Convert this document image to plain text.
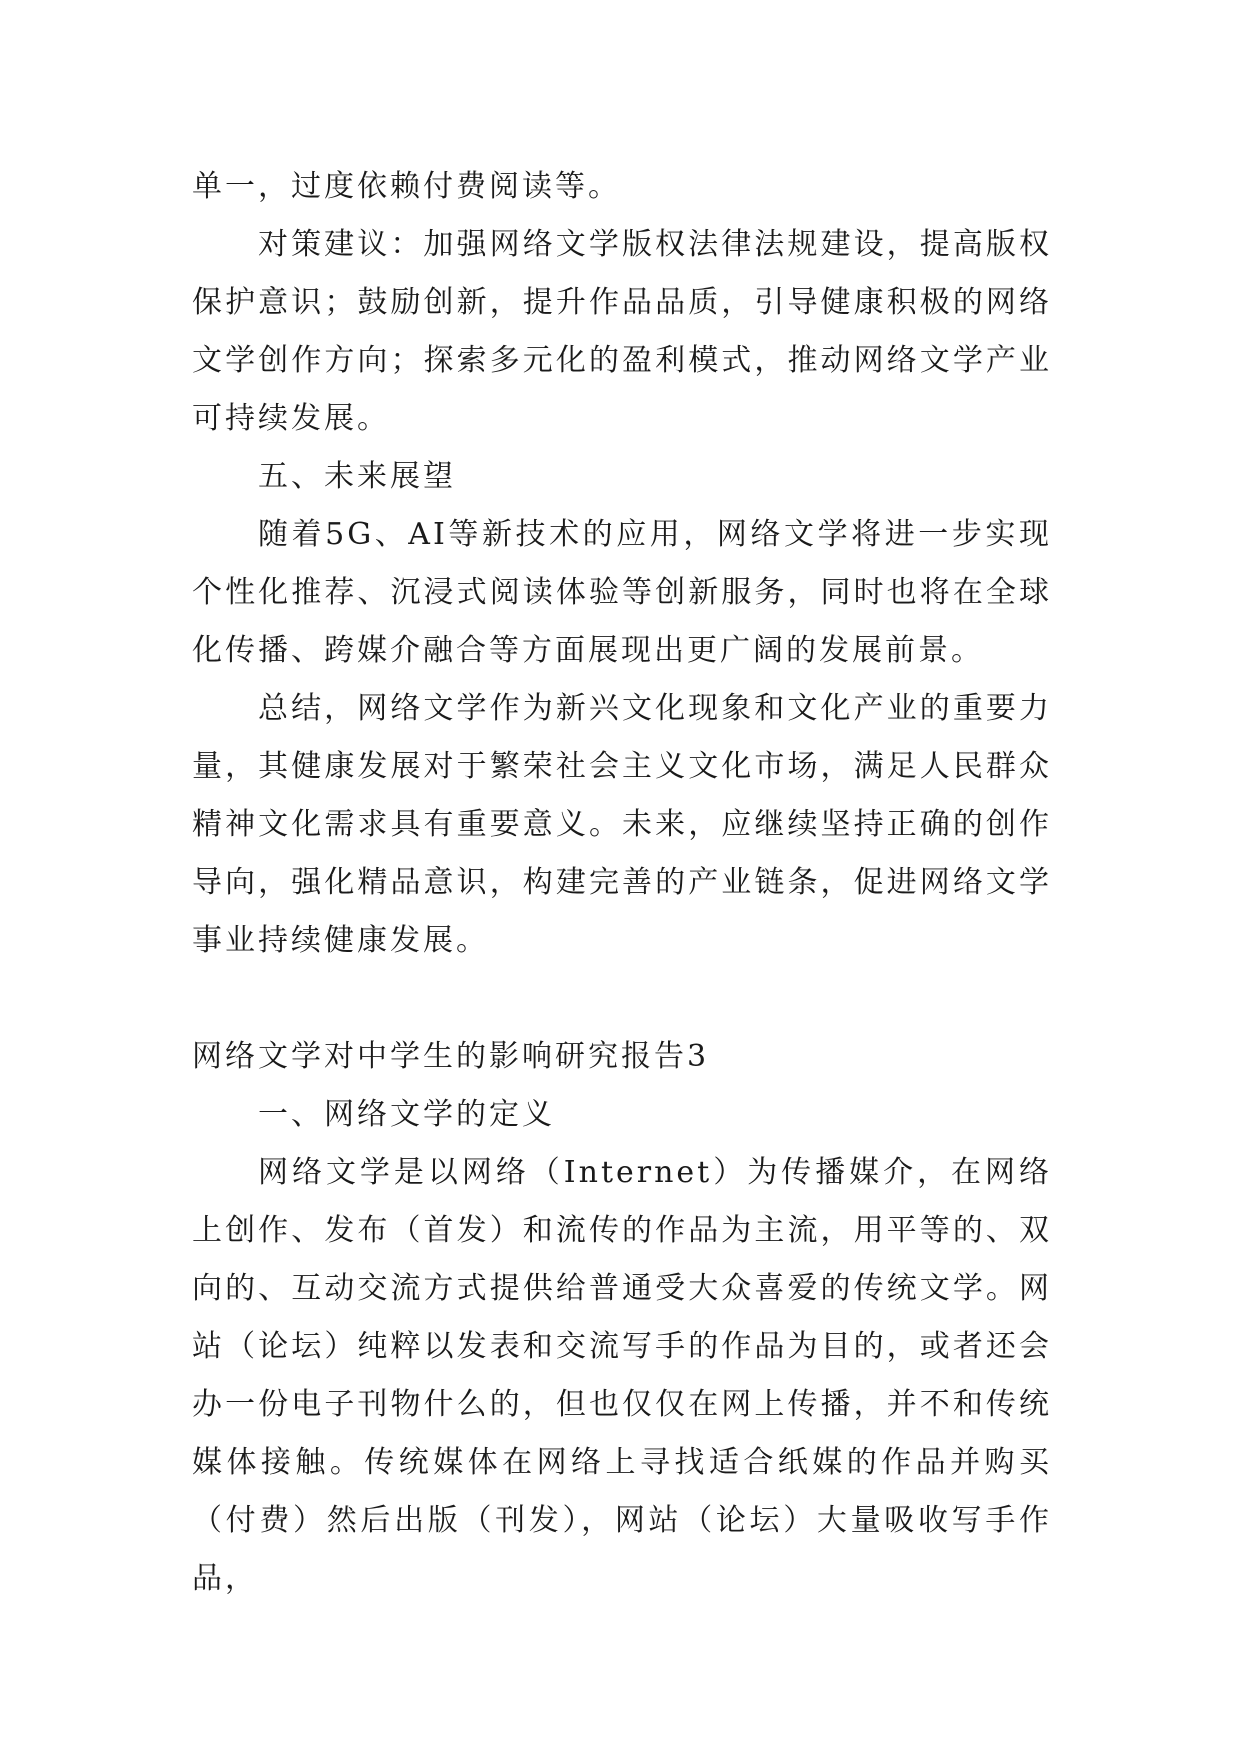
单一，过度依赖付费阅读等。

对策建议：加强网络文学版权法律法规建设，提高版权保护意识；鼓励创新，提升作品品质，引导健康积极的网络文学创作方向；探索多元化的盈利模式，推动网络文学产业可持续发展。

五、未来展望

随着5G、AI等新技术的应用，网络文学将进一步实现个性化推荐、沉浸式阅读体验等创新服务，同时也将在全球化传播、跨媒介融合等方面展现出更广阔的发展前景。

总结，网络文学作为新兴文化现象和文化产业的重要力量，其健康发展对于繁荣社会主义文化市场，满足人民群众精神文化需求具有重要意义。未来，应继续坚持正确的创作导向，强化精品意识，构建完善的产业链条，促进网络文学事业持续健康发展。

网络文学对中学生的影响研究报告3

一、网络文学的定义

网络文学是以网络（Internet）为传播媒介，在网络上创作、发布（首发）和流传的作品为主流，用平等的、双向的、互动交流方式提供给普通受大众喜爱的传统文学。网站（论坛）纯粹以发表和交流写手的作品为目的，或者还会办一份电子刊物什么的，但也仅仅在网上传播，并不和传统媒体接触。传统媒体在网络上寻找适合纸媒的作品并购买（付费）然后出版（刊发），网站（论坛）大量吸收写手作品，
